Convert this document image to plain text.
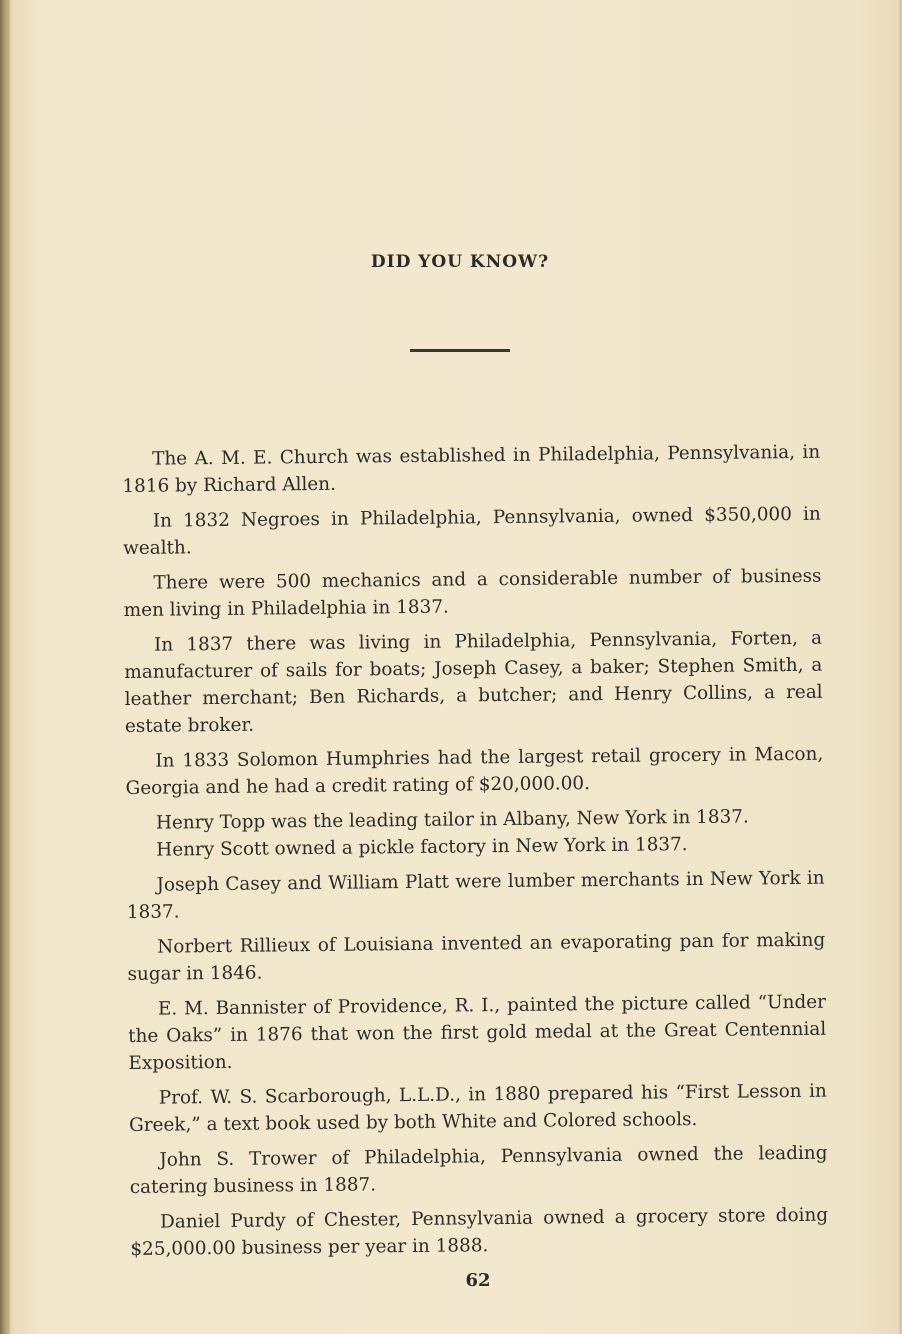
DID YOU KNOW?

The A. M. E. Church was established in Philadelphia, Pennsylvania, in 1816 by Richard Allen.

In 1832 Negroes in Philadelphia, Pennsylvania, owned $350,000 in wealth.

There were 500 mechanics and a considerable number of business men living in Philadelphia in 1837.

In 1837 there was living in Philadelphia, Pennsylvania, Forten, a manufacturer of sails for boats; Joseph Casey, a baker; Stephen Smith, a leather merchant; Ben Richards, a butcher; and Henry Collins, a real estate broker.

In 1833 Solomon Humphries had the largest retail grocery in Macon, Georgia and he had a credit rating of $20,000.00.

Henry Topp was the leading tailor in Albany, New York in 1837.

Henry Scott owned a pickle factory in New York in 1837.

Joseph Casey and William Platt were lumber merchants in New York in 1837.

Norbert Rillieux of Louisiana invented an evaporating pan for making sugar in 1846.

E. M. Bannister of Providence, R. I., painted the picture called “Under the Oaks” in 1876 that won the first gold medal at the Great Centennial Exposition.

Prof. W. S. Scarborough, L.L.D., in 1880 prepared his “First Lesson in Greek,” a text book used by both White and Colored schools.

John S. Trower of Philadelphia, Pennsylvania owned the leading catering business in 1887.

Daniel Purdy of Chester, Pennsylvania owned a grocery store doing $25,000.00 business per year in 1888.

62
